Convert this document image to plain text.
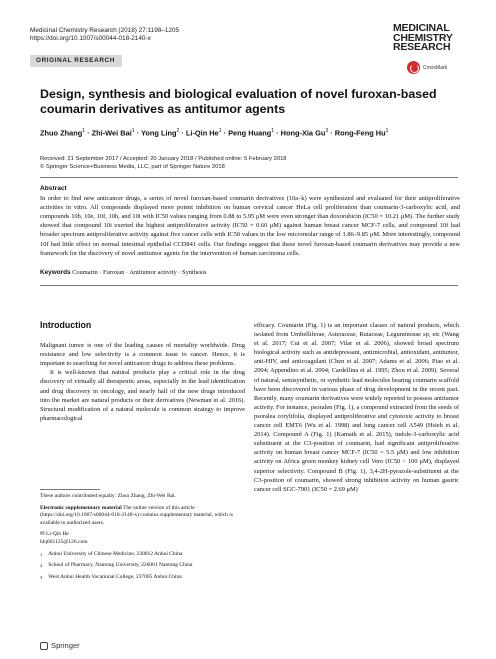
Medicinal Chemistry Research (2018) 27:1198–1205
https://doi.org/10.1007/s00044-018-2140-x
MEDICINAL
CHEMISTRY
RESEARCH
CrossMark
ORIGINAL RESEARCH
Design, synthesis and biological evaluation of novel furoxan-based coumarin derivatives as antitumor agents
Zhuo Zhang$^1$ · Zhi-Wei Bai$^1$ · Yong Ling$^2$ · Li-Qin $He^1$ · Peng Huang$^1$ · Hong-Xia $Gu^3$ · Rong-Feng Hu$^1$
Received: 21 September 2017 / Accepted: 20 January 2018 / Published online: 5 February 2018
© Springer Science+Business Media, LLC, part of Springer Nature 2018
Abstract

In order to find new anticancer drugs, a series of novel furoxan-based coumarin derivatives (10a–k) were synthesized and evaluated for their antiproliferative activities in vitro. All compounds displayed more potent inhibition on human cervical cancer HeLa cell proliferation than coumarin-3-carboxylic acid, and compounds 10b, 10e, 10f, 10h, and 10i with IC50 values ranging from 0.88 to 5.95 μM were even stronger than doxorubicin (IC50 = 10.21 μM). The further study showed that compound 10i exerted the highest antiproliferative activity (IC50 = 0.60 μM) against human breast cancer MCF-7 cells, and compound 10f had broader spectrum antiproliferative activity against five cancer cells with IC50 values in the low micromolar range of 1.86–9.85 μM. More interestingly, compound 10f had little effect on normal intestinal epithelial CCD841 cells. Our findings suggest that these novel furoxan-based coumarin derivatives may provide a new framework for the discovery of novel antitumor agents for the intervention of human carcinoma cells.

Keywords Coumarin · Furoxan · Antitumor activity · Synthesis
Introduction

Malignant tumor is one of the leading causes of mortality worldwide. Drug resistance and low selectivity is a common issue to cancer. Hence, it is important to searching for novel anticancer drugs to address these problems.

It is well-known that natural products play a critical role in the drug discovery of virtually all therapeutic areas, especially in the lead identification and drug discovery in oncology, and nearly half of the new drugs introduced into the market are natural products or their derivatives (Newman et al. 2016). Structural modification of a natural molecule is common strategy to improve pharmacological

efficacy. Coumarin (Fig. 1) is an important classes of natural products, which isolated from Umbelliferae, Asteraceae, Rutaceae, Leguminosae sp, etc (Wang et al. 2017; Cui et al. 2007; Vilar et al. 2006), showed broad spectrum biological activity such as antidepressant, antimicrobial, antioxidant, antitumor, anti-HIV, and anticoagulant (Chen et al. 2007; Adams et al. 2006; Piao et al. 2004; Appendino et al. 2004; Cardellina et al. 1995; Zhou et al. 2009). Several of natural, semisynthetic, or synthetic lead molecules bearing coumarin scaffold have been discovered in various phase of drug development in the recent past. Recently, many coumarin derivatives were widely reported to possess antitumor activity. For instance, psoralen (Fig. 1), a compound extracted from the seeds of psoralea corylifolia, displayed antiproliferative and cytotoxic activity to breast cancer cell EMT6 (Wu et al. 1998) and lung cancer cell A549 (Hsieh et al. 2014). Compound A (Fig. 1) (Kamath et al. 2015), indole-3-carboxylic acid substituent at the C3-position of coumarin, had significant antiproliferative activity on human breast cancer MCF-7 (IC50 = 5.5 μM) and low inhibition activity on Africa green monkey kidney cell Vero (IC50 > 100 μM), displayed superior selectivity. Compound B (Fig. 1), 3,4-2H-pyrazole-substituent at the C3-position of coumarin, showed strong inhibition activity on human gastric cancer cell SGC-7901 (IC50 = 2.69 μM)

These authors contributed equally: Zhuo Zhang, Zhi-Wei Bai.
Electronic supplementary material The online version of this article (https://doi.org/10.1007/s00044-018-2140-x) contains supplementary material, which is available to authorized users.
✉ Li-Qin He
hlq661125@126.com
1 Anhui University of Chinese Medicine, 230012 Anhui China
2 School of Pharmacy, Nantong University, 226001 Nantong China
3 West Anhui Health Vocational College, 237005 Anhui China
Springer
